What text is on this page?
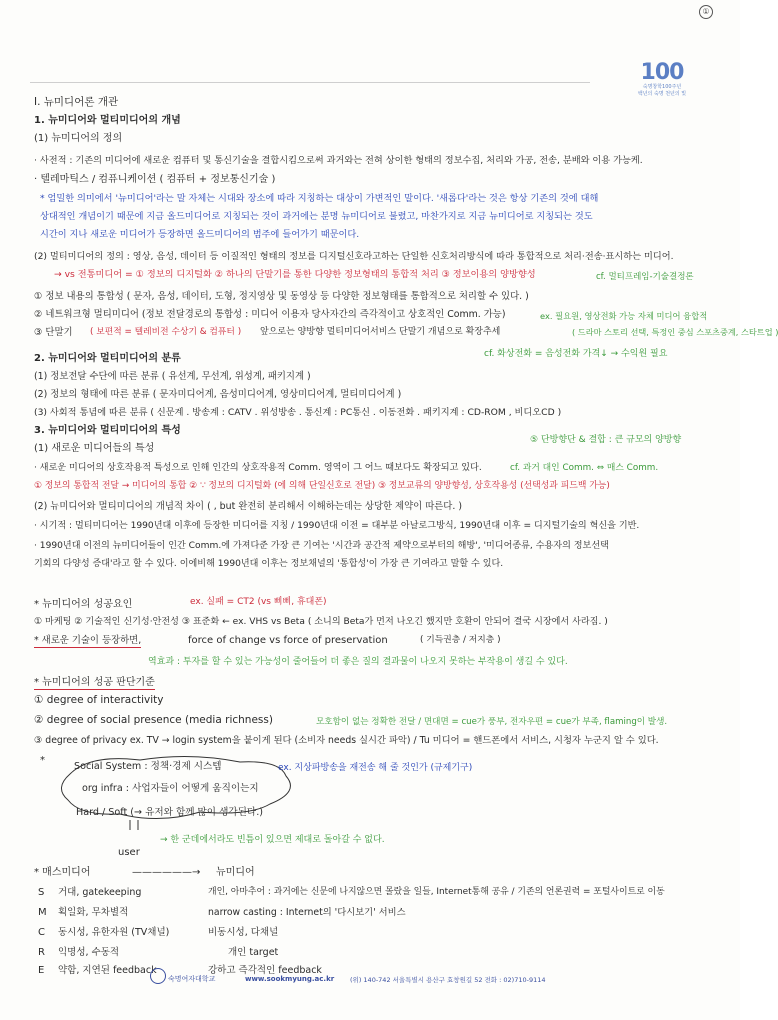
①
100
숙명창학100주년
백년의 숙명 천년의 빛
I. 뉴미디어론 개관
1. 뉴미디어와 멀티미디어의 개념
(1) 뉴미디어의 정의
· 사전적 : 기존의 미디어에 새로운 컴퓨터 및 통신기술을 결합시킴으로써 과거와는 전혀 상이한 형태의 정보수집, 처리와 가공, 전송, 분배와 이용 가능케.
· 텔레마틱스 / 컴퓨니케이션 ( 컴퓨터 + 정보통신기술 )
* 엄밀한 의미에서 '뉴미디어'라는 말 자체는 시대와 장소에 따라 지칭하는 대상이 가변적인 말이다. '새롭다'라는 것은 항상 기존의 것에 대해
상대적인 개념이기 때문에 지금 올드미디어로 지칭되는 것이 과거에는 분명 뉴미디어로 불렸고, 마찬가지로 지금 뉴미디어로 지칭되는 것도
시간이 지나 새로운 미디어가 등장하면 올드미디어의 범주에 들어가기 때문이다.
(2) 멀티미디어의 정의 : 영상, 음성, 데이터 등 이질적인 형태의 정보를 디지털신호라고하는 단일한 신호처리방식에 따라 통합적으로 처리·전송·표시하는 미디어.
→ vs 전통미디어 = ① 정보의 디지털화 ② 하나의 단말기를 통한 다양한 정보형태의 통합적 처리 ③ 정보이용의 양방향성	cf. 멀티프레임-기술결정론
① 정보 내용의 통합성 ( 문자, 음성, 데이터, 도형, 정지영상 및 동영상 등 다양한 정보형태를 통합적으로 처리할 수 있다. )
② 네트워크형 멀티미디어 (정보 전달경로의 통합성 : 미디어 이용자 당사자간의 즉각적이고 상호적인 Comm. 가능)	ex. 필요원, 영상전화 가능 자체 미디어 융합적
③ 단말기 ( 보편적 = 텔레비전 수상기 & 컴퓨터 ) 앞으로는 양방향 멀티미디어서비스 단말기 개념으로 확장추세	( 드라마 스토리 선택, 특정인 중심 스포츠중계, 스타트업 )
cf. 화상전화 = 음성전화 가격↓ → 수익원 필요
2. 뉴미디어와 멀티미디어의 분류
(1) 정보전달 수단에 따른 분류 ( 유선계, 무선계, 위성계, 패키지계 )
(2) 정보의 형태에 따른 분류 ( 문자미디어계, 음성미디어계, 영상미디어계, 멀티미디어계 )
(3) 사회적 통념에 따른 분류 ( 신문계 . 방송계 : CATV . 위성방송 . 통신계 : PC통신 . 이동전화 . 패키지계 : CD-ROM , 비디오CD )
3. 뉴미디어와 멀티미디어의 특성
(1) 새로운 미디어들의 특성
⑤ 단방향단 & 결합 : 큰 규모의 양방향
· 새로운 미디어의 상호작용적 특성으로 인해 인간의 상호작용적 Comm. 영역이 그 어느 때보다도 확장되고 있다.	cf. 과거 대인 Comm. ⇔ 매스 Comm.
① 정보의 통합적 전달 → 미디어의 통합 ② ∵ 정보의 디지털화 (에 의해 단일신호로 전달) ③ 정보교류의 양방향성, 상호작용성 (선택성과 피드백 가능)
(2) 뉴미디어와 멀티미디어의 개념적 차이 ( , but 완전히 분리해서 이해하는데는 상당한 제약이 따른다. )
· 시기적 : 멀티미디어는 1990년대 이후에 등장한 미디어를 지칭 / 1990년대 이전 = 대부분 아날로그방식, 1990년대 이후 = 디지털기술의 혁신을 기반.
· 1990년대 이전의 뉴미디어들이 인간 Comm.에 가져다준 가장 큰 기여는 '시간과 공간적 제약으로부터의 해방', '미디어종류, 수용자의 정보선택
기회의 다양성 증대'라고 할 수 있다. 이에비해 1990년대 이후는 정보채널의 '통합성'이 가장 큰 기여라고 말할 수 있다.
* 뉴미디어의 성공요인	ex. 실패 = CT2 (vs 삐삐, 휴대폰)
① 마케팅 ② 기술적인 신기성·안전성 ③ 표준화 ← ex. VHS vs Beta ( 소니의 Beta가 먼저 나오긴 했지만 호환이 안되어 결국 시장에서 사라짐. )
* 새로운 기술이 등장하면,	force of change vs force of preservation	( 기득권층 / 저지층 )
역효과 : 투자를 할 수 있는 가능성이 줄어들어 더 좋은 질의 결과물이 나오지 못하는 부작용이 생길 수 있다.
* 뉴미디어의 성공 판단기준
① degree of interactivity
② degree of social presence (media richness)	모호함이 없는 정확한 전달 / 면대면 = cue가 풍부, 전자우편 = cue가 부족, flaming이 발생.
③ degree of privacy ex. TV → login system을 붙이게 된다 (소비자 needs 실시간 파악) / Tu 미디어 = 핸드폰에서 서비스, 시청자 누군지 알 수 있다.
*
Social System : 정책·경제 시스템	ex. 지상파방송을 재전송 해 줄 것인가 (규제기구)
org infra : 사업자들이 어떻게 움직이는지
Hard / Soft (→ 유저와 함께 많이 생각된다.)
user
→ 한 군데에서라도 빈틈이 있으면 제대로 돌아갈 수 없다.
* 매스미디어	——————→ 뉴미디어
S 거대, gatekeeping	개인, 아마추어 : 과거에는 신문에 나지않으면 몰랐을 일들, Internet통해 공유 / 기존의 언론권력 = 포털사이트로 이동
M 획일화, 무차별적	narrow casting : Internet의 '다시보기' 서비스
C 동시성, 유한자원 (TV채널)	비동시성, 다채널
R 익명성, 수동적	개인 target
E 약함, 지연된 feedback	강하고 즉각적인 feedback
숙명여자대학교	www.sookmyung.ac.kr (위) 140-742 서울특별시 용산구 효창원길 52 전화 : 02)710-9114
